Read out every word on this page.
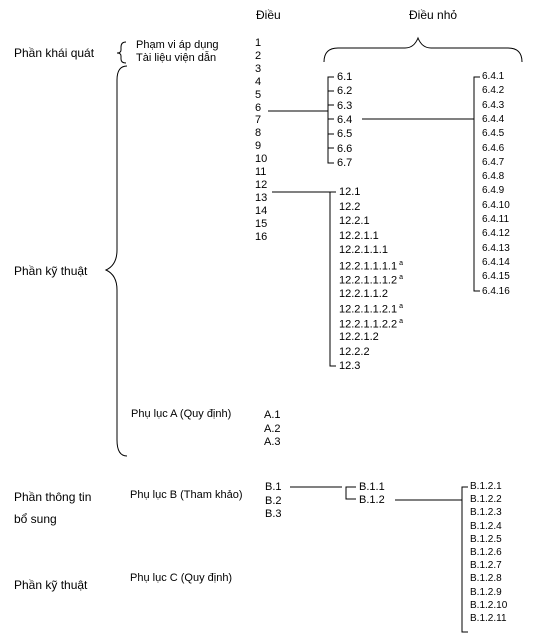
Điều	Điều nhỏ
Phần khái quát
Phần kỹ thuật
Phần thông tin
bổ sung
Phần kỹ thuật
Phạm vi áp dụng
Tài liệu viện dẫn
Phụ lục A (Quy định)
Phụ lục B (Tham khảo)
Phụ lục C (Quy định)
1
2
3
4
5
6
7
8
9
10
11
12
13
14
15
16
6.1
6.2
6.3
6.4
6.5
6.6
6.7
6.4.1
6.4.2
6.4.3
6.4.4
6.4.5
6.4.6
6.4.7
6.4.8
6.4.9
6.4.10
6.4.11
6.4.12
6.4.13
6.4.14
6.4.15
6.4.16
12.1
12.2
12.2.1
12.2.1.1
12.2.1.1.1
12.2.1.1.1.1 $^a$
12.2.1.1.1.2 $^a$
12.2.1.1.2
12.2.1.1.2.1 $^a$
12.2.1.1.2.2 $^a$
12.2.1.2
12.2.2
12.3
A.1
A.2
A.3
B.1
B.2
B.3
B.1.1
B.1.2
B.1.2.1
B.1.2.2
B.1.2.3
B.1.2.4
B.1.2.5
B.1.2.6
B.1.2.7
B.1.2.8
B.1.2.9
B.1.2.10
B.1.2.11
